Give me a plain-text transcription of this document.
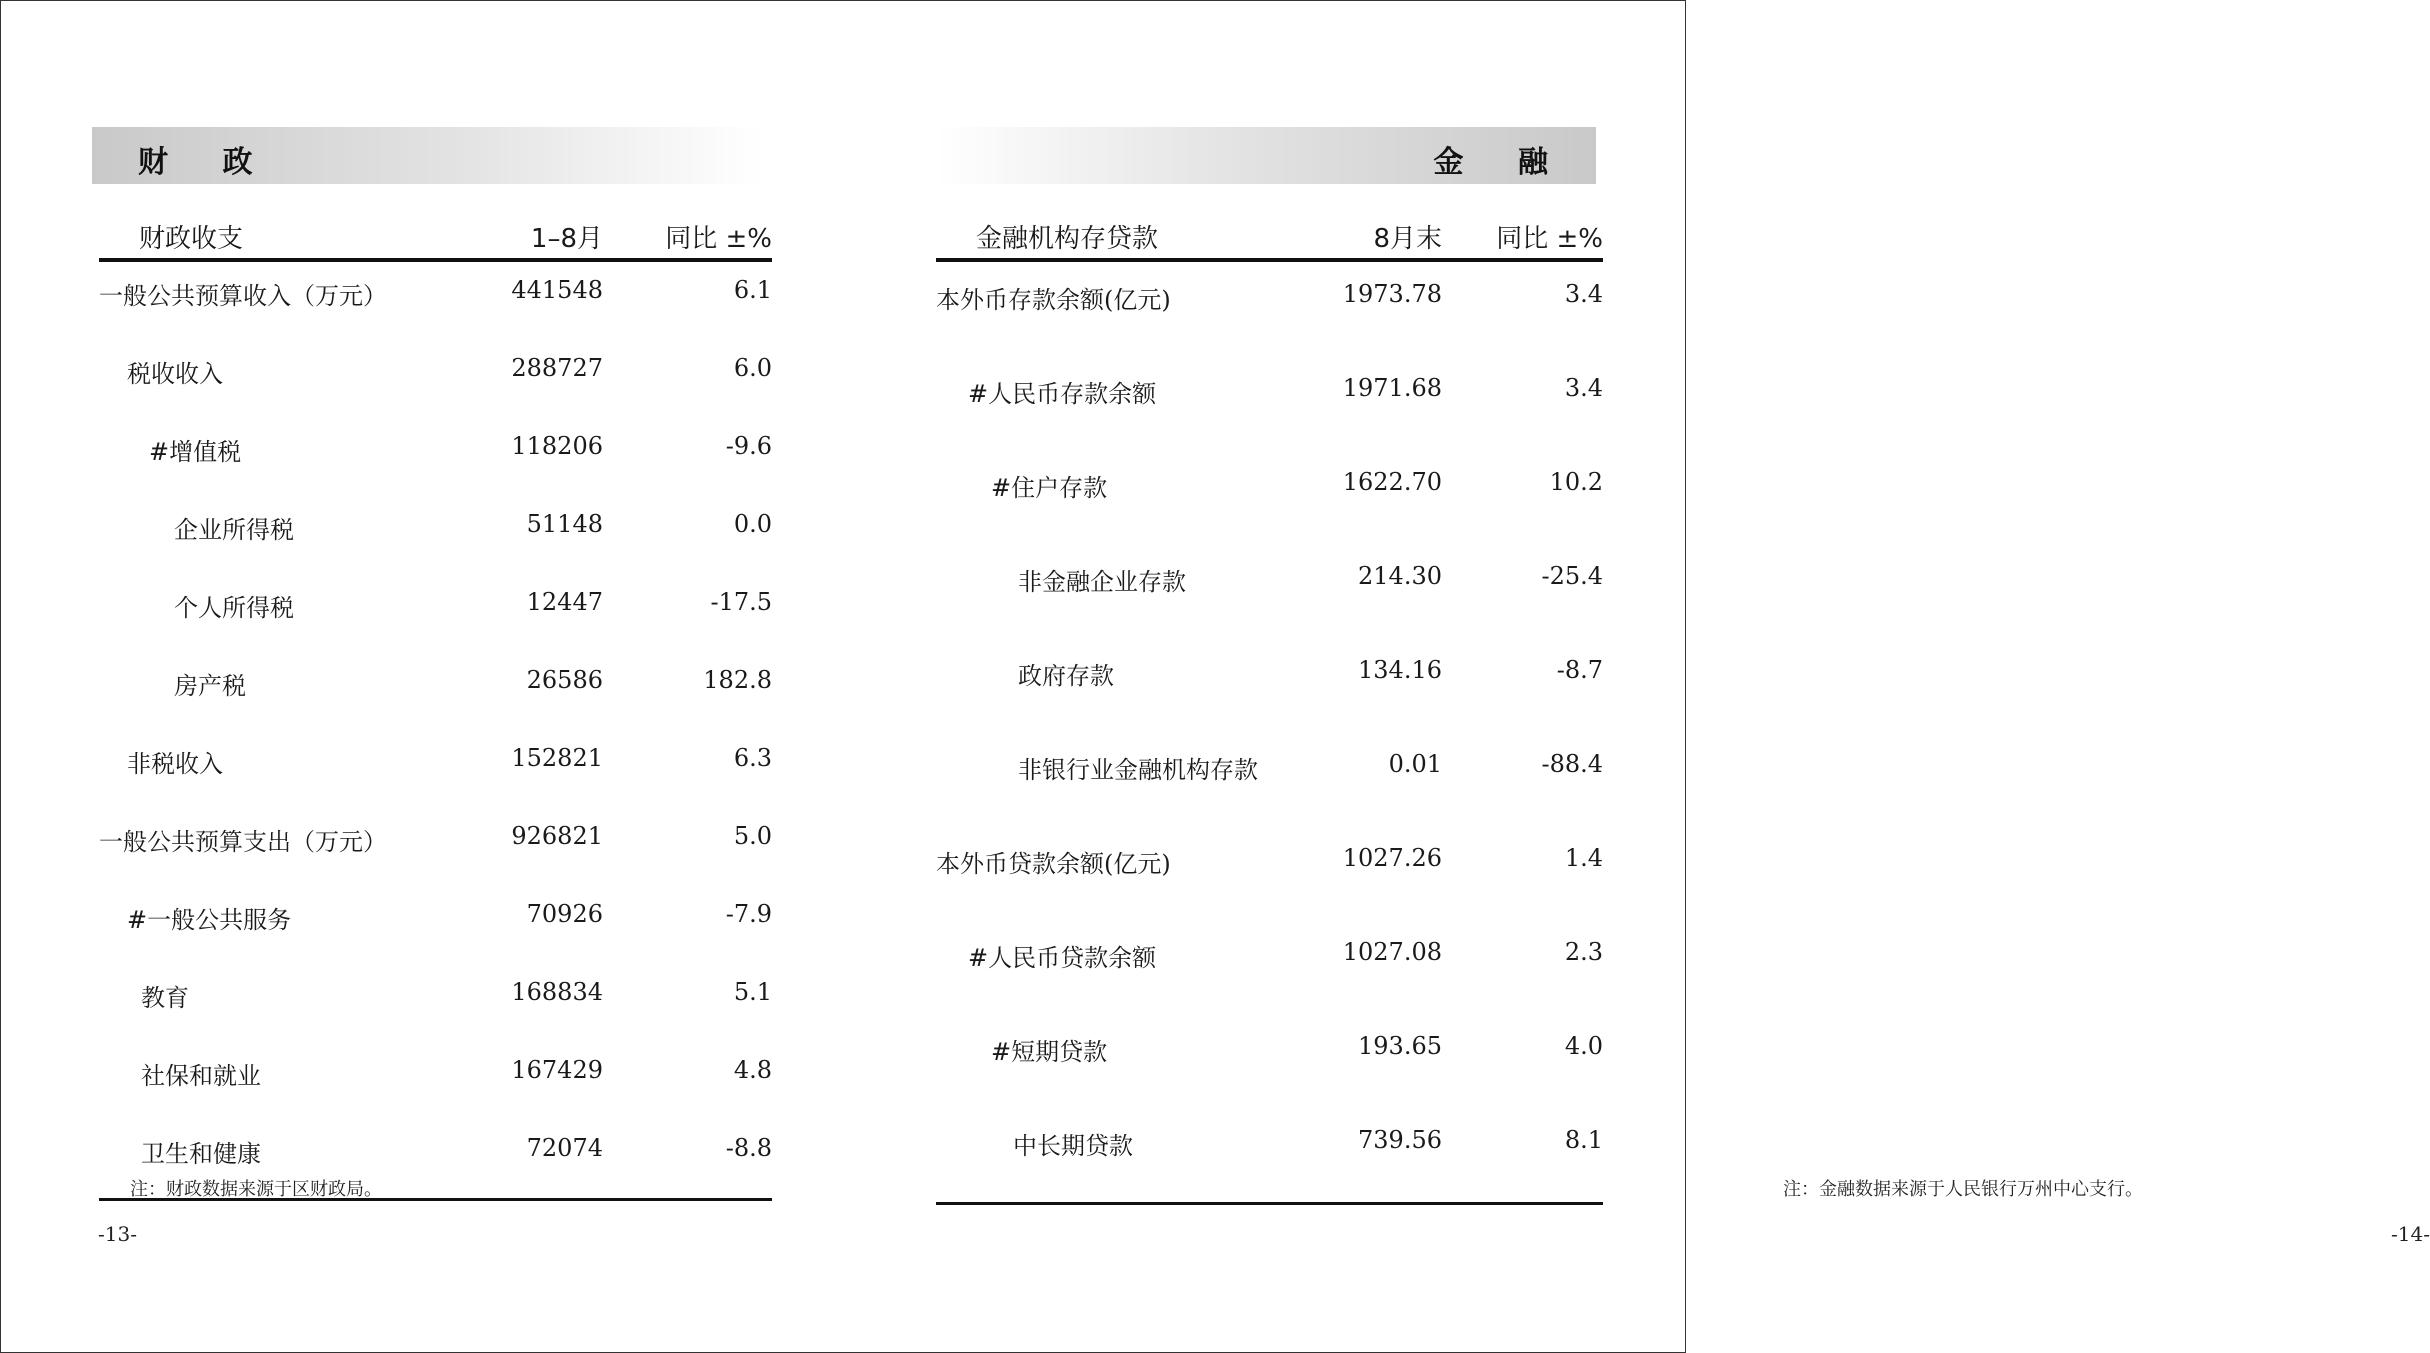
财 政
财政收支	1–8月 同比 ±%
一般公共预算收入（万元）	441548	6.1
税收收入	288727	6.0
#增值税	118206	-9.6
企业所得税	51148	0.0
个人所得税	12447	-17.5
房产税	26586	182.8
非税收入	152821	6.3
一般公共预算支出（万元）	926821	5.0
#一般公共服务	70926	-7.9
教育	168834	5.1
社保和就业	167429	4.8
卫生和健康	72074	-8.8
注：财政数据来源于区财政局。
-13-
金 融
金融机构存贷款	8月末 同比 ±%
本外币存款余额(亿元)	1973.78	3.4
#人民币存款余额	1971.68	3.4
#住户存款	1622.70	10.2
非金融企业存款	214.30	-25.4
政府存款	134.16	-8.7
非银行业金融机构存款	0.01	-88.4
本外币贷款余额(亿元)	1027.26	1.4
#人民币贷款余额	1027.08	2.3
#短期贷款	193.65	4.0
中长期贷款	739.56	8.1
注：金融数据来源于人民银行万州中心支行。
-14-
